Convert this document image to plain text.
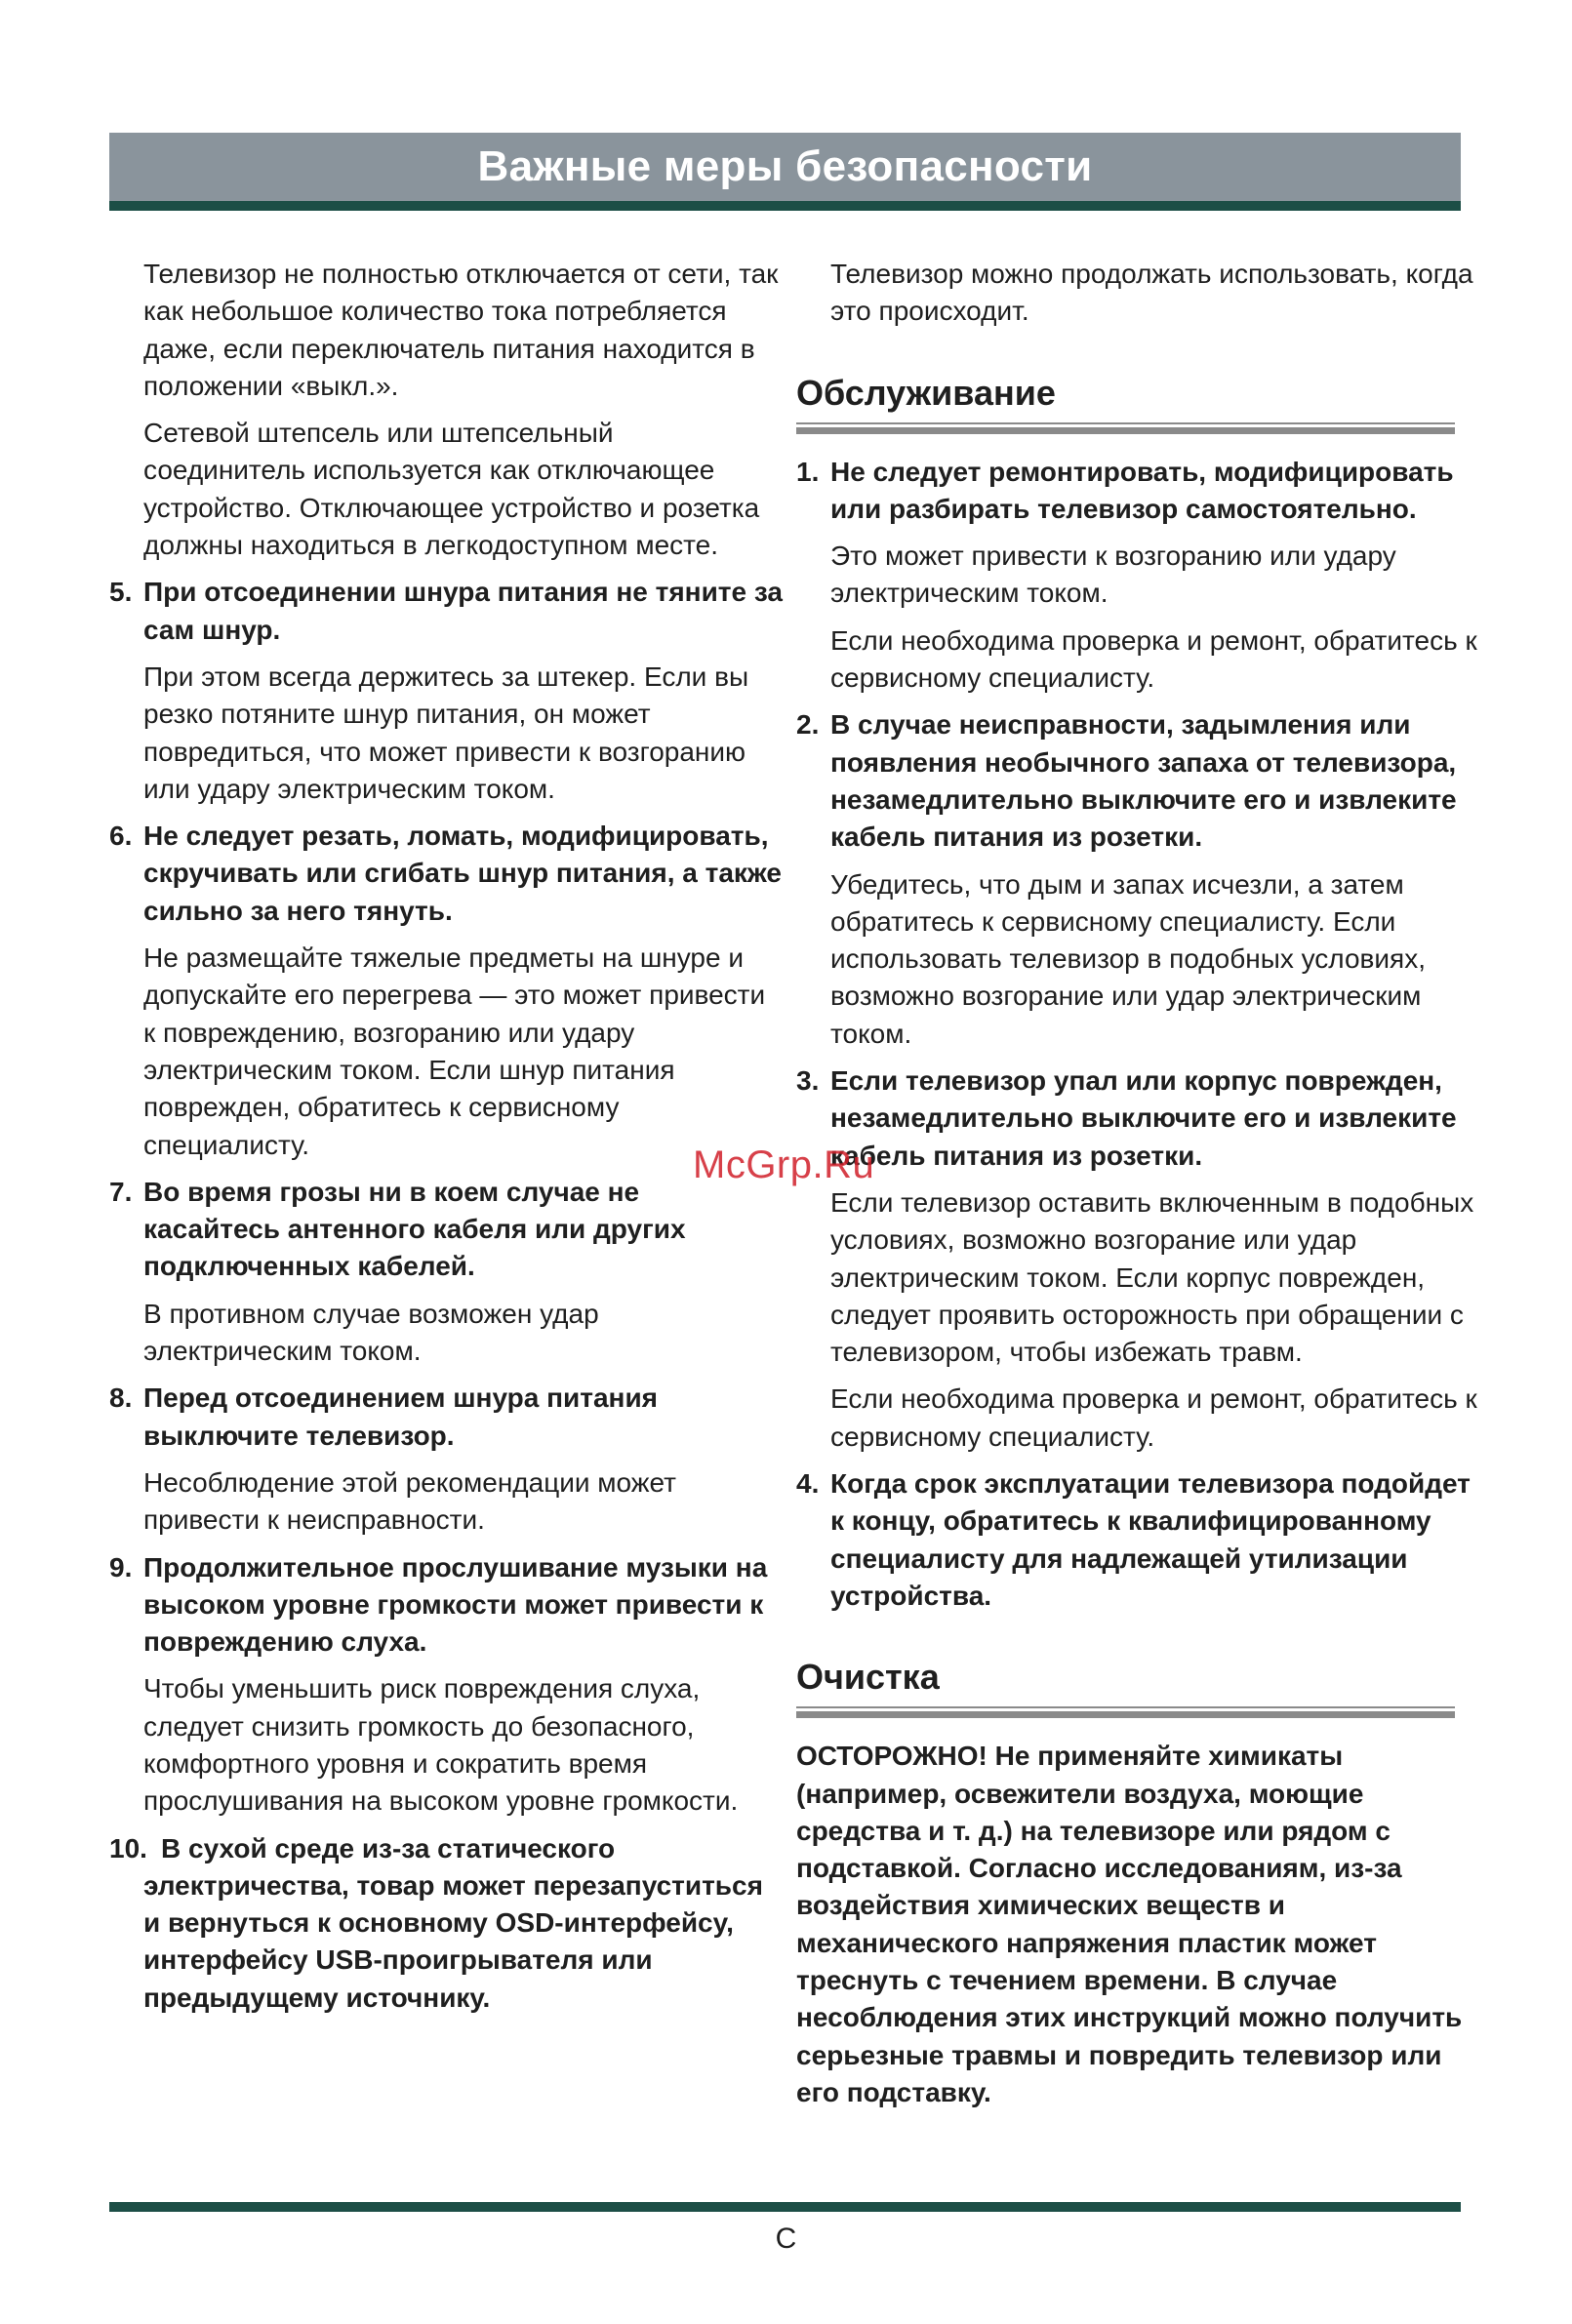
Важные меры безопасности

Телевизор не полностью отключается от сети, так как небольшое количество тока потребляется даже, если переключатель питания находится в положении «выкл.».

Сетевой штепсель или штепсельный соединитель используется как отключающее устройство. Отключающее устройство и розетка должны находиться в легкодоступном месте.

5. При отсоединении шнура питания не тяните за сам шнур.

При этом всегда держитесь за штекер. Если вы резко потяните шнур питания, он может повредиться, что может привести к возгоранию или удару электрическим током.

6. Не следует резать, ломать, модифицировать, скручивать или сгибать шнур питания, а также сильно за него тянуть.

Не размещайте тяжелые предметы на шнуре и допускайте его перегрева — это может привести к повреждению, возгоранию или удару электрическим током. Если шнур питания поврежден, обратитесь к сервисному специалисту.

7. Во время грозы ни в коем случае не касайтесь антенного кабеля или других подключенных кабелей.

В противном случае возможен удар электрическим током.

8. Перед отсоединением шнура питания выключите телевизор.

Несоблюдение этой рекомендации может привести к неисправности.

9. Продолжительное прослушивание музыки на высоком уровне громкости может привести к повреждению слуха.

Чтобы уменьшить риск повреждения слуха, следует снизить громкость до безопасного, комфортного уровня и сократить время прослушивания на высоком уровне громкости.

10. В сухой среде из-за статического электричества, товар может перезапуститься и вернуться к основному OSD-интерфейсу, интерфейсу USB-проигрывателя или предыдущему источнику.

Телевизор можно продолжать использовать, когда это происходит.

Обслуживание
1. Не следует ремонтировать, модифицировать или разбирать телевизор самостоятельно.

Это может привести к возгоранию или удару электрическим током.

Если необходима проверка и ремонт, обратитесь к сервисному специалисту.

2. В случае неисправности, задымления или появления необычного запаха от телевизора, незамедлительно выключите его и извлеките кабель питания из розетки.

Убедитесь, что дым и запах исчезли, а затем обратитесь к сервисному специалисту. Если использовать телевизор в подобных условиях, возможно возгорание или удар электрическим током.

3. Если телевизор упал или корпус поврежден, незамедлительно выключите его и извлеките кабель питания из розетки.

Если телевизор оставить включенным в подобных условиях, возможно возгорание или удар электрическим током. Если корпус поврежден, следует проявить осторожность при обращении с телевизором, чтобы избежать травм.

Если необходима проверка и ремонт, обратитесь к сервисному специалисту.

4. Когда срок эксплуатации телевизора подойдет к концу, обратитесь к квалифицированному специалисту для надлежащей утилизации устройства.
Очистка

ОСТОРОЖНО! Не применяйте химикаты (например, освежители воздуха, моющие средства и т. д.) на телевизоре или рядом с подставкой. Согласно исследованиям, из-за воздействия химических веществ и механического напряжения пластик может треснуть с течением времени. В случае несоблюдения этих инструкций можно получить серьезные травмы и повредить телевизор или его подставку.

McGrp.Ru
С
